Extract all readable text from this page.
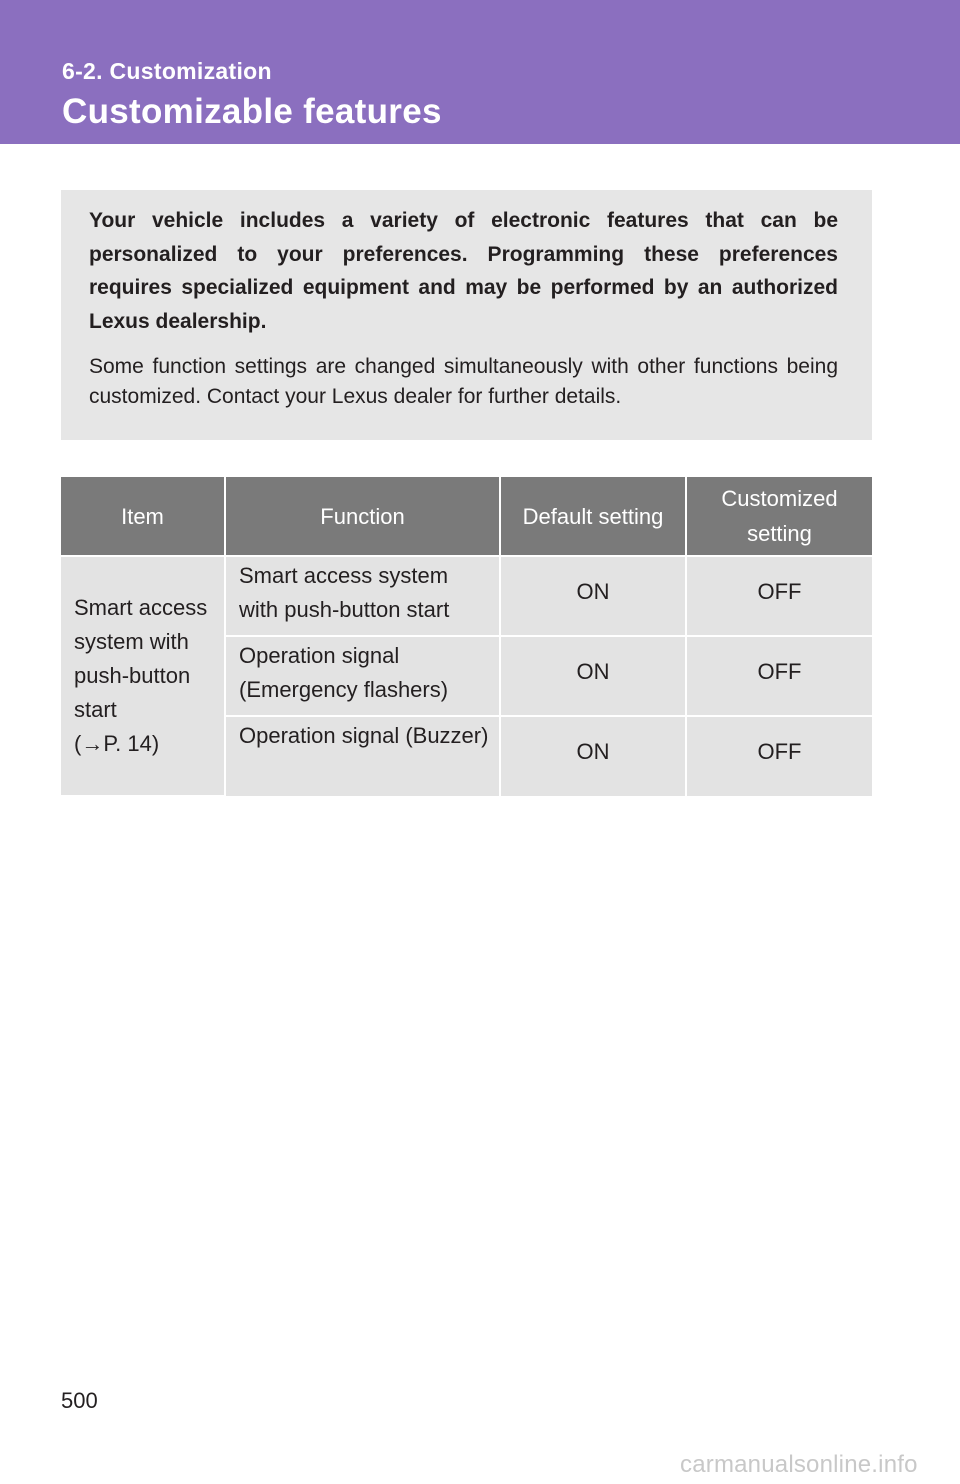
6-2. Customization

Customizable features

Your vehicle includes a variety of electronic features that can be personalized to your preferences. Programming these preferences requires specialized equipment and may be performed by an authorized Lexus dealership.

Some function settings are changed simultaneously with other functions being customized. Contact your Lexus dealer for further details.

Item	Function	Default setting	Customized setting
Smart access system with push-button start
(→P. 14)	Smart access system with push-button start	ON	OFF
	Operation signal (Emergency flashers)	ON	OFF
	Operation signal (Buzzer)	ON	OFF

500

carmanualsonline.info
